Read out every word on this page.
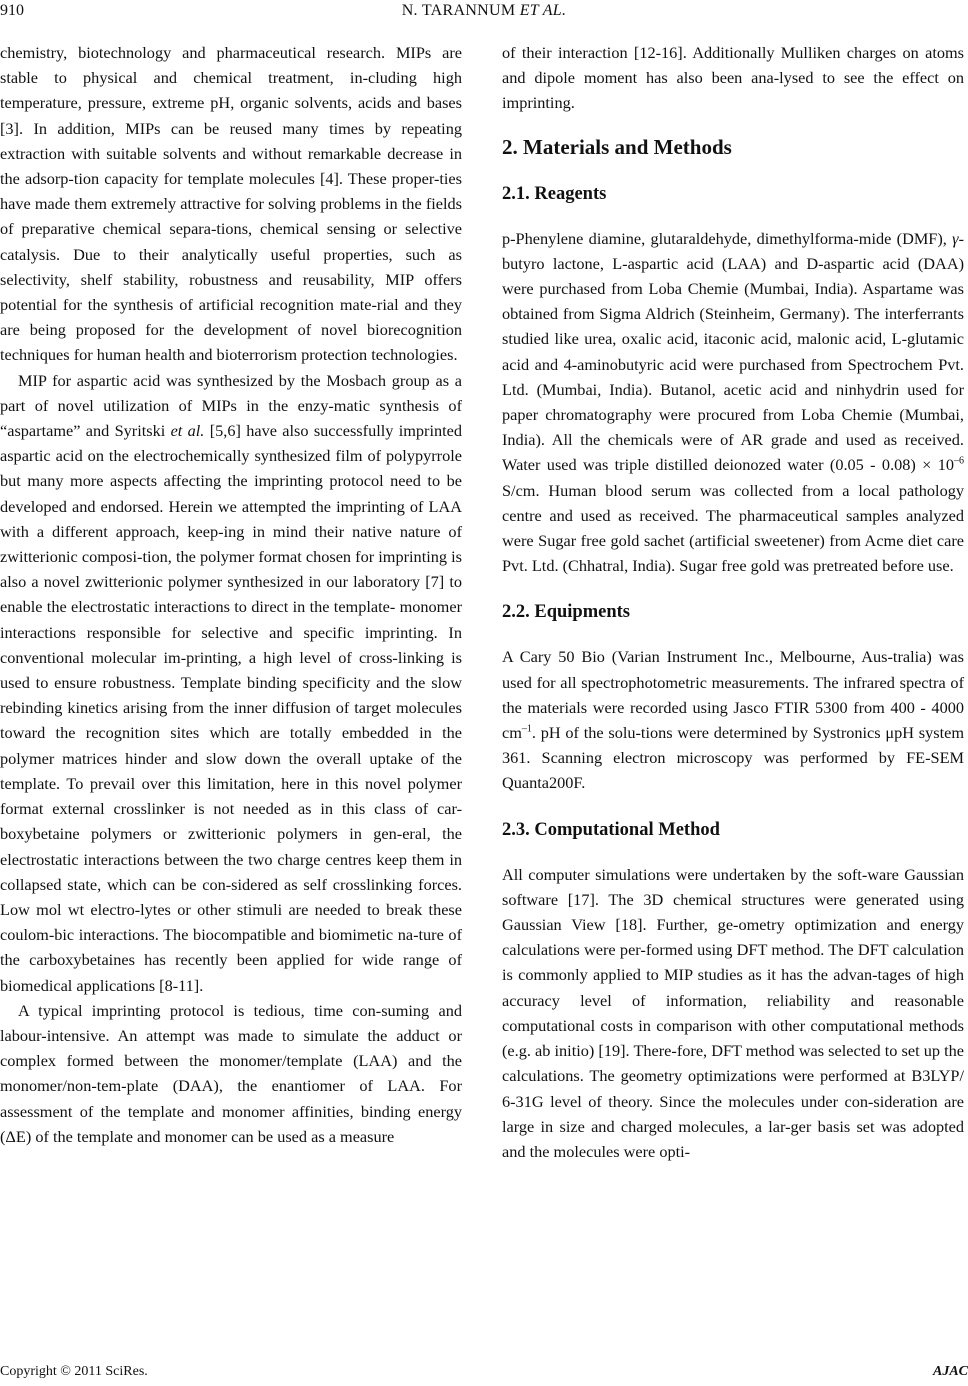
910	N. TARANNUM ET AL.

chemistry, biotechnology and pharmaceutical research. MIPs are stable to physical and chemical treatment, in-cluding high temperature, pressure, extreme pH, organic solvents, acids and bases [3]. In addition, MIPs can be reused many times by repeating extraction with suitable solvents and without remarkable decrease in the adsorp-tion capacity for template molecules [4]. These proper-ties have made them extremely attractive for solving problems in the fields of preparative chemical separa-tions, chemical sensing or selective catalysis. Due to their analytically useful properties, such as selectivity, shelf stability, robustness and reusability, MIP offers potential for the synthesis of artificial recognition mate-rial and they are being proposed for the development of novel biorecognition techniques for human health and bioterrorism protection technologies.

MIP for aspartic acid was synthesized by the Mosbach group as a part of novel utilization of MIPs in the enzy-matic synthesis of “aspartame” and Syritski et al. [5,6] have also successfully imprinted aspartic acid on the electrochemically synthesized film of polypyrrole but many more aspects affecting the imprinting protocol need to be developed and endorsed. Herein we attempted the imprinting of LAA with a different approach, keep-ing in mind their native nature of zwitterionic composi-tion, the polymer format chosen for imprinting is also a novel zwitterionic polymer synthesized in our laboratory [7] to enable the electrostatic interactions to direct in the template- monomer interactions responsible for selective and specific imprinting. In conventional molecular im-printing, a high level of cross-linking is used to ensure robustness. Template binding specificity and the slow rebinding kinetics arising from the inner diffusion of target molecules toward the recognition sites which are totally embedded in the polymer matrices hinder and slow down the overall uptake of the template. To prevail over this limitation, here in this novel polymer format external crosslinker is not needed as in this class of car-boxybetaine polymers or zwitterionic polymers in gen-eral, the electrostatic interactions between the two charge centres keep them in collapsed state, which can be con-sidered as self crosslinking forces. Low mol wt electro-lytes or other stimuli are needed to break these coulom-bic interactions. The biocompatible and biomimetic na-ture of the carboxybetaines has recently been applied for wide range of biomedical applications [8-11].

A typical imprinting protocol is tedious, time con-suming and labour-intensive. An attempt was made to simulate the adduct or complex formed between the monomer/template (LAA) and the monomer/non-tem-plate (DAA), the enantiomer of LAA. For assessment of the template and monomer affinities, binding energy (ΔE) of the template and monomer can be used as a measure

of their interaction [12-16]. Additionally Mulliken charges on atoms and dipole moment has also been ana-lysed to see the effect on imprinting.

2. Materials and Methods
2.1. Reagents

p-Phenylene diamine, glutaraldehyde, dimethylforma-mide (DMF), γ-butyro lactone, L-aspartic acid (LAA) and D-aspartic acid (DAA) were purchased from Loba Chemie (Mumbai, India). Aspartame was obtained from Sigma Aldrich (Steinheim, Germany). The interferrants studied like urea, oxalic acid, itaconic acid, malonic acid, L-glutamic acid and 4-aminobutyric acid were purchased from Spectrochem Pvt. Ltd. (Mumbai, India). Butanol, acetic acid and ninhydrin used for paper chromatography were procured from Loba Chemie (Mumbai, India). All the chemicals were of AR grade and used as received. Water used was triple distilled deionozed water $(0.05 - 0.08) \times 10^{-6}$ S/cm. Human blood serum was collected from a local pathology centre and used as received. The pharmaceutical samples analyzed were Sugar free gold sachet (artificial sweetener) from Acme diet care Pvt. Ltd. (Chhatral, India). Sugar free gold was pretreated before use.

2.2. Equipments

A Cary 50 Bio (Varian Instrument Inc., Melbourne, Aus-tralia) was used for all spectrophotometric measurements. The infrared spectra of the materials were recorded using Jasco FTIR 5300 from 400 - 4000 $cm^{-1}$. pH of the solu-tions were determined by Systronics μpH system 361. Scanning electron microscopy was performed by FE-SEM Quanta200F.

2.3. Computational Method

All computer simulations were undertaken by the soft-ware Gaussian software [17]. The 3D chemical structures were generated using Gaussian View [18]. Further, ge-ometry optimization and energy calculations were per-formed using DFT method. The DFT calculation is commonly applied to MIP studies as it has the advan-tages of high accuracy level of information, reliability and reasonable computational costs in comparison with other computational methods (e.g. ab initio) [19]. There-fore, DFT method was selected to set up the calculations. The geometry optimizations were performed at B3LYP/ 6-31G level of theory. Since the molecules under con-sideration are large in size and charged molecules, a lar-ger basis set was adopted and the molecules were opti-

Copyright © 2011 SciRes.	AJAC
